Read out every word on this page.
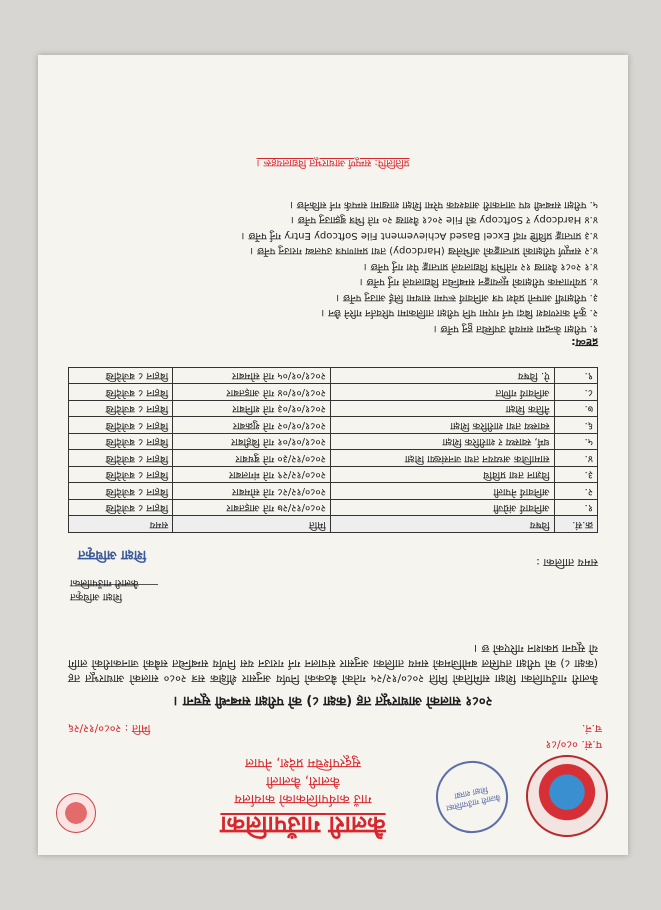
कैलारी गाउँपालिका शिक्षा शाखा
कैलारी गाउँपालिका
गाउँ कार्यपालिकाको कार्यालय
कैलारी, कैलाली
सुदूरपश्चिम प्रदेश, नेपाल
प.सं. ०८०/८१
च.नं.
मिति : २०८०/१२/२६
२०८१ सालको आधारभूत तह (कक्षा ८) को परीक्षा सम्बन्धी सूचना ।
कैलारी गाउँपालिका शिक्षा समितिको मिति २०८०/१२/२५ गतेको बैठकको निर्णय अनुसार शैक्षिक सत्र २०८० सालको आधारभूत तह (कक्षा ८) को परीक्षा तपसिल बमोजिमको समय तालिका अनुसार संचालन गर्न गराउन यस निर्णय सम्बन्धित सबैको जानकारीको लागि यो सूचना प्रकाशन गरिएको छ ।
शिक्षा अधिकृत
कैलारी गाउँपालिका
समय तालिका :
शिक्षा अधिकृत
क्र.सं.	विषय	मिति	समय
१.	अनिवार्य अंग्रेजी	२०८०/१२/२७ गते आइतबार	बिहान ८ बजेदेखि
२.	अनिवार्य नेपाली	२०८०/१२/२८ गते सोमबार	बिहान ८ बजेदेखि
३.	विज्ञान तथा प्रविधि	२०८०/१२/२९ गते मंगलबार	बिहान ८ बजेदेखि
४.	सामाजिक अध्ययन तथा जनसंख्या शिक्षा	२०८०/१२/३० गते बुधबार	बिहान ८ बजेदेखि
५.	धर्म, स्वास्थ्य र शारीरिक शिक्षा	२०८१/०१/०१ गते बिहीबार	बिहान ८ बजेदेखि
६.	स्वास्थ्य तथा शारीरिक शिक्षा	२०८१/०१/०२ गते शुक्रबार	बिहान ८ बजेदेखि
७.	नैतिक शिक्षा	२०८१/०१/०३ गते शनिबार	बिहान ८ बजेदेखि
८.	अनिवार्य गणित	२०८१/०१/०४ गते आइतबार	बिहान ८ बजेदेखि
९.	ऐ. विषय	२०८१/०१/०५ गते सोमबार	बिहान ८ बजेदेखि
द्रष्टव्य:
१. परीक्षा केन्द्रमा समयमै उपस्थित हुनु पर्नेछ ।
२. कुनै कारणवश बिदा पर्न गएमा पनि परीक्षा तालिकामा परिवर्तन गरिने छैन ।
३. परीक्षार्थी आफ्नो प्रवेश पत्र अनिवार्य रूपमा साथमा लिई आउनु पर्नेछ ।
४. प्रयोगात्मक परीक्षाको मूल्याङ्कन सम्बन्धित विद्यालयले गर्नु पर्नेछ ।
४.१ २०८१ वैशाख १२ गतेभित्र विद्यालयले प्राप्ताङ्क पेश गर्नु पर्नेछ ।
४.२ सम्पूर्ण परीक्षाको प्राप्ताङ्कको अभिलेख (Hardcopy) तथा प्रमाणपत्र उपलब्ध गराउनु पर्नेछ ।
४.३ प्राप्ताङ्क प्रविष्टि गर्दा Excel Based Achievement File Softcopy Entry गर्नु पर्नेछ ।
४.४ Hardcopy र Softcopy को File २०८१ वैशाख २० गते भित्र बुझाउनु पर्नेछ ।
५. परीक्षा सम्बन्धी थप जानकारी आवश्यक परेमा शिक्षा शाखामा सम्पर्क गर्न सकिनेछ ।
प्रतिलिपि: सम्पूर्ण आधारभूत विद्यालयहरू ।
